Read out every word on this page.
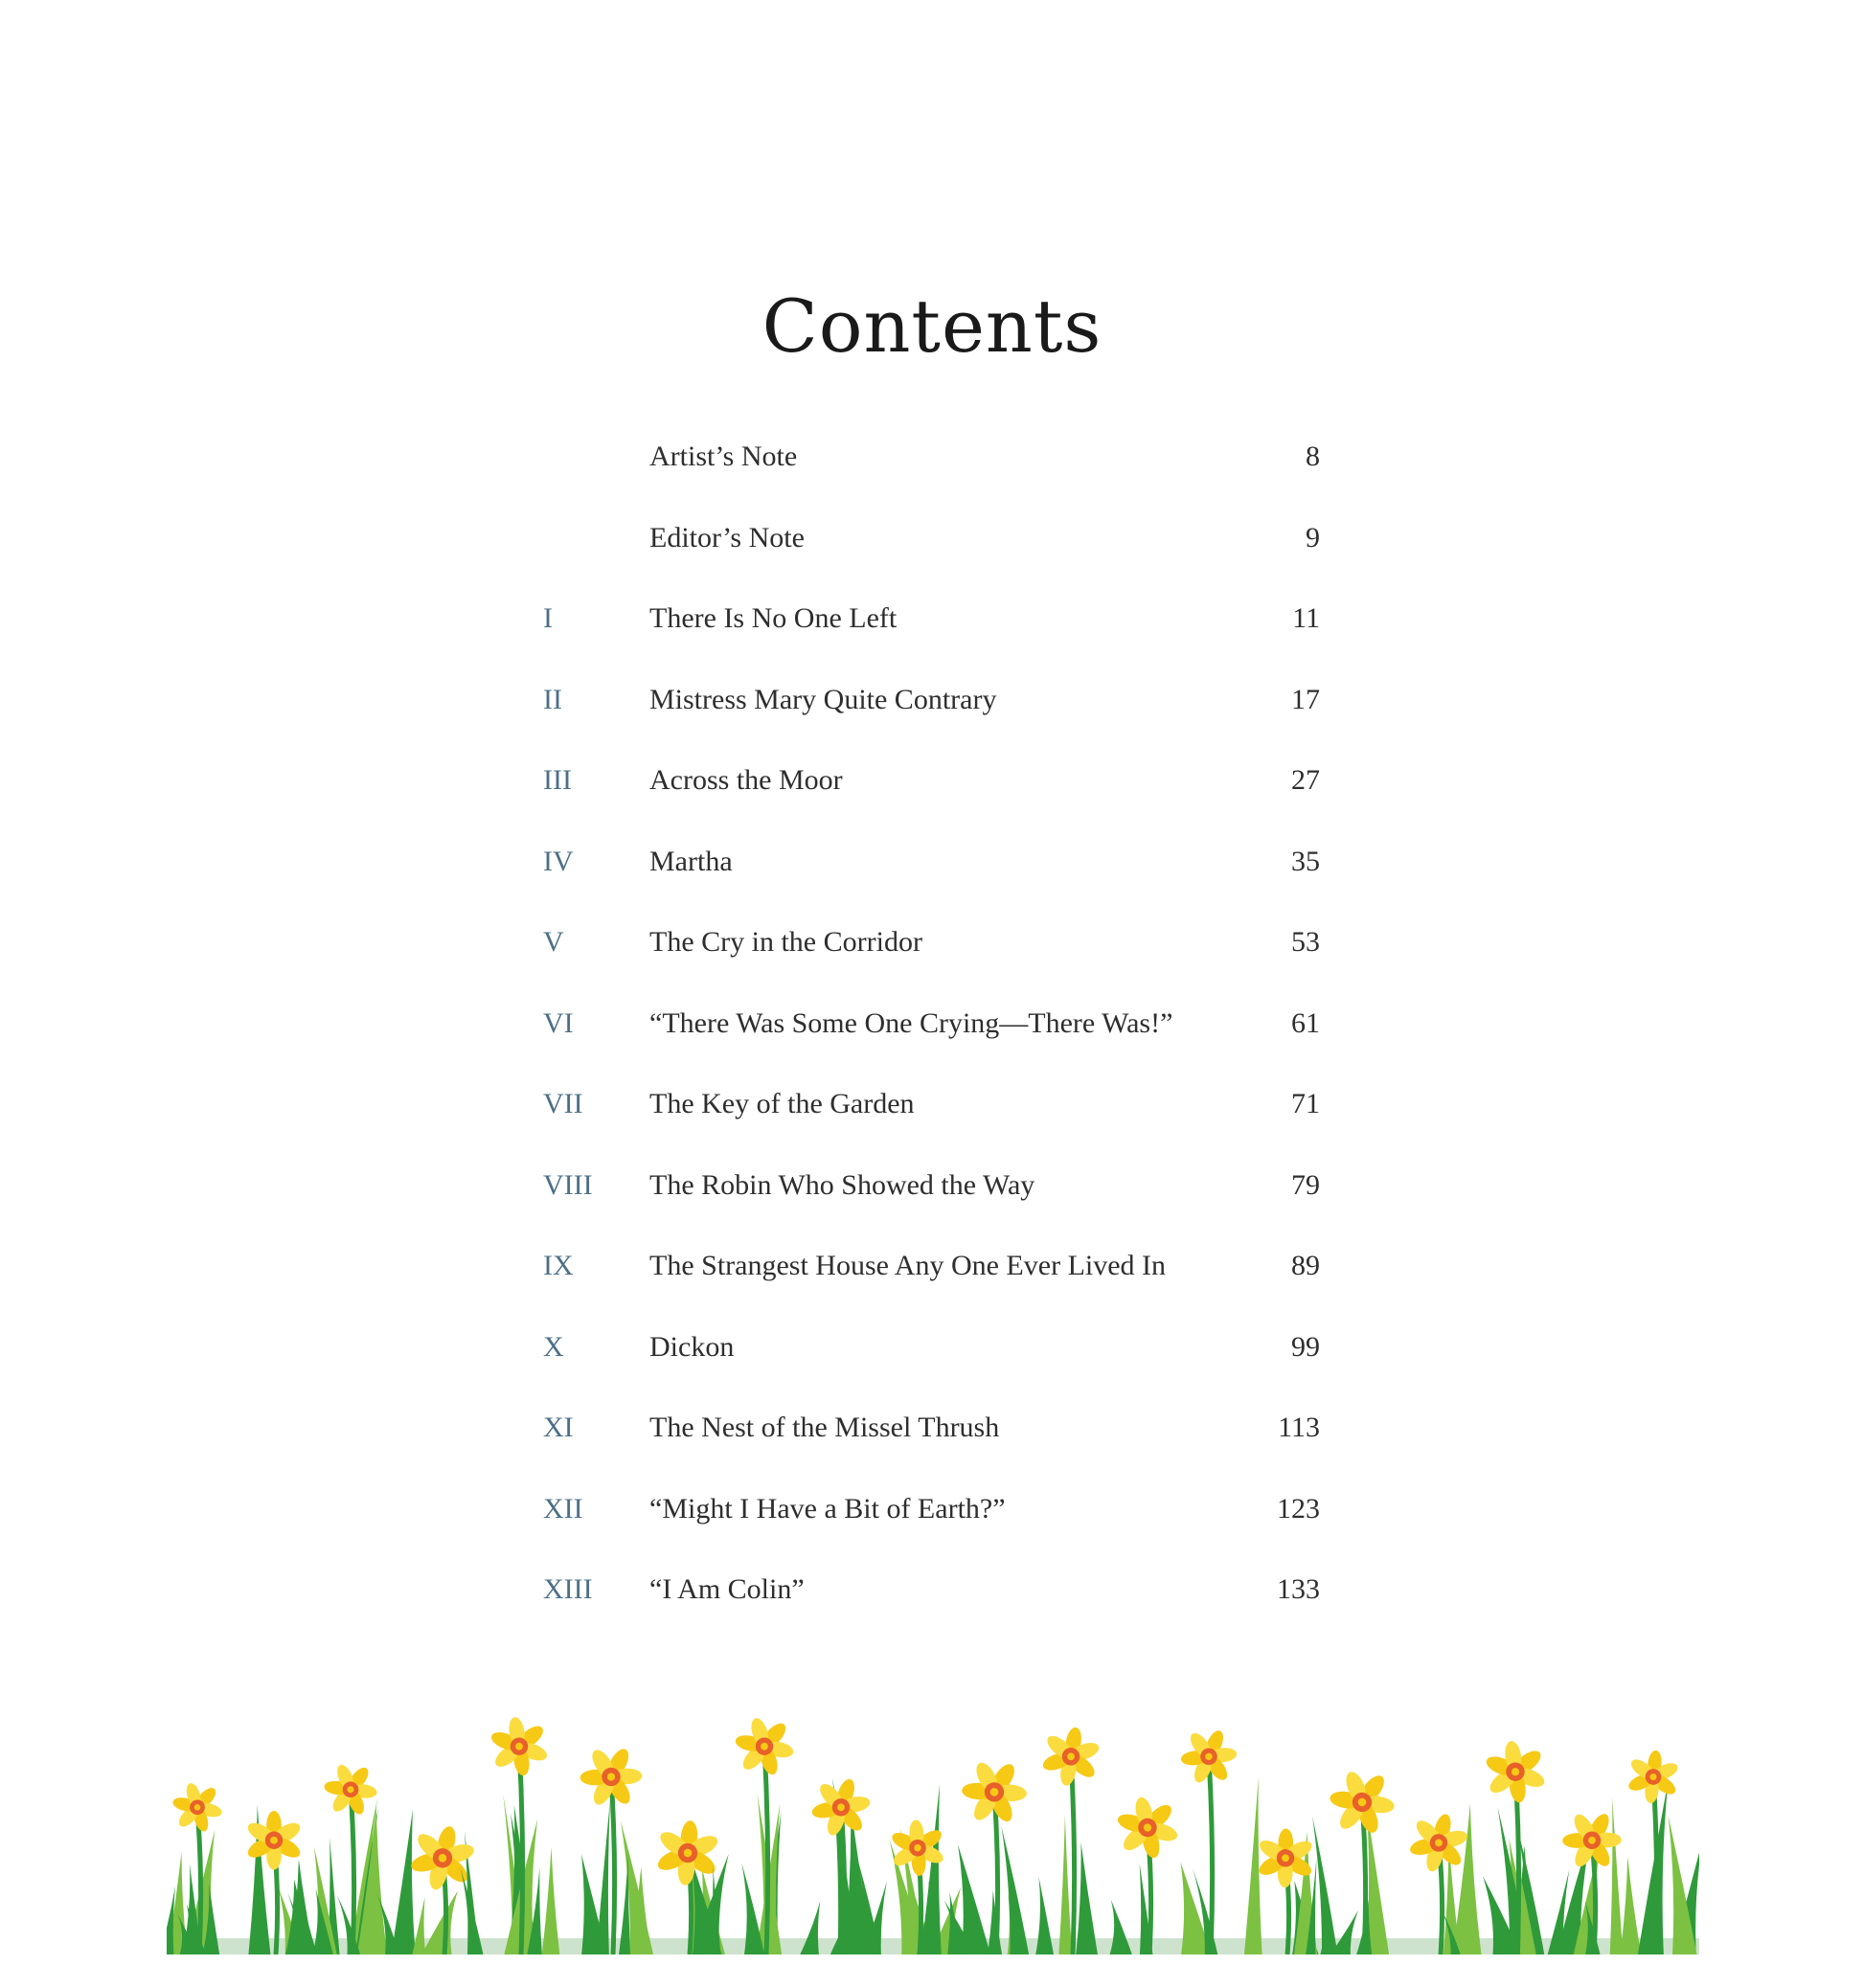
Contents
Artist’s Note	8
Editor’s Note	9
I	There Is No One Left	11
II	Mistress Mary Quite Contrary	17
III	Across the Moor	27
IV	Martha	35
V	The Cry in the Corridor	53
VI	“There Was Some One Crying—There Was!”	61
VII The Key of the Garden	71
VIII The Robin Who Showed the Way	79
IX	The Strangest House Any One Ever Lived In	89
X	Dickon	99
XI	The Nest of the Missel Thrush	113
XII “Might I Have a Bit of Earth?”	123
XIII “I Am Colin”	133
